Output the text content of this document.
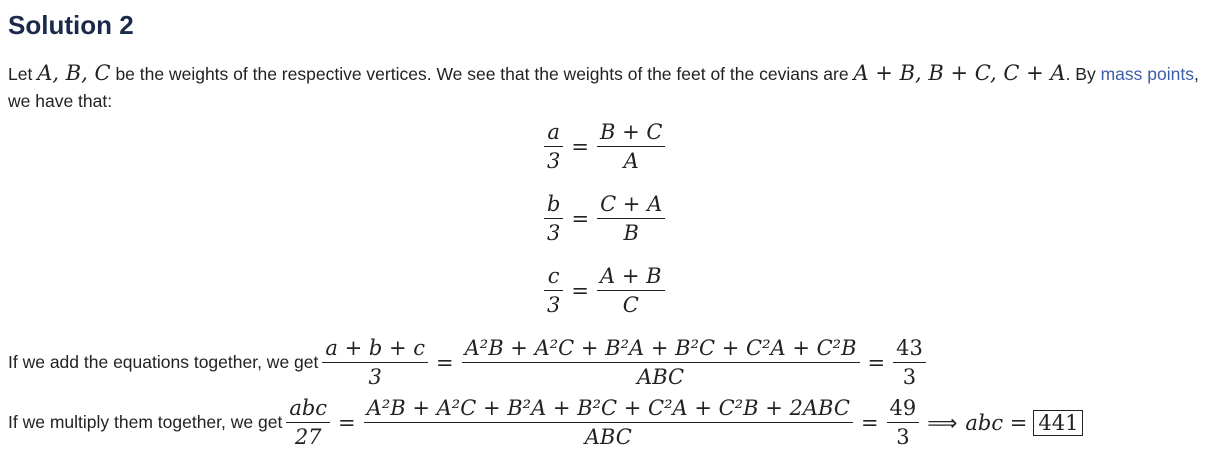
Solution 2
Let A, B, C be the weights of the respective vertices. We see that the weights of the feet of the cevians are A + B, B + C, C + A. By mass points, we have that:
$\frac{a}{3} = \frac{B + C}{A}$
$\frac{b}{3} = \frac{C + A}{B}$
$\frac{c}{3} = \frac{A + B}{C}$
If we add the equations together, we get $\frac{a + b + c}{3} = \frac{\text{A²B + A²C + B²A + B²C + C²A + C²B}}{\text{ABC}} = \frac{43}{3}$
If we multiply them together, we get $\frac{\text{abc}}{27} = \frac{\text{A²B + A²C + B²A + B²C + C²A + C²B + 2ABC}}{\text{ABC}} = \frac{49}{3}$ ⟹ abc = 441
